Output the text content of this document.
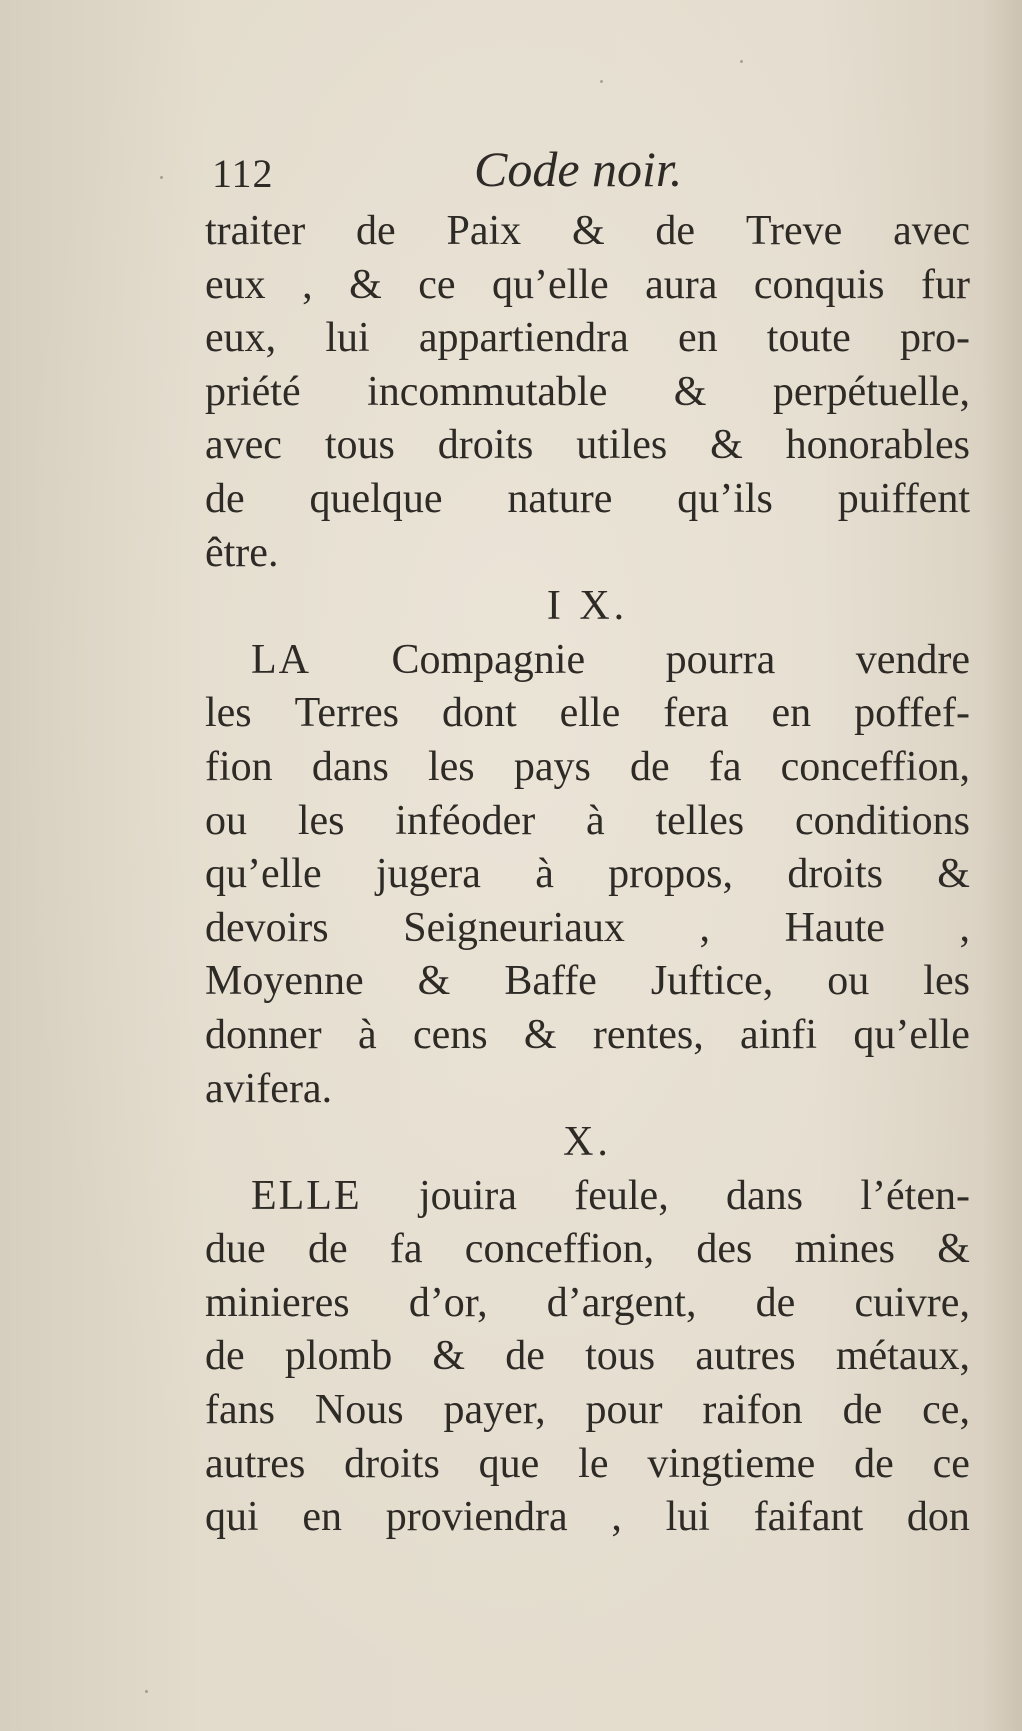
112	Code noir.
traiter de Paix & de Treve avec
eux , & ce qu’elle aura conquis fur
eux, lui appartiendra en toute pro-
priété incommutable & perpétuelle,
avec tous droits utiles & honorables
de quelque nature qu’ils puiffent
être.
I X.
LA Compagnie pourra vendre
les Terres dont elle fera en poffef-
fion dans les pays de fa conceffion,
ou les inféoder à telles conditions
qu’elle jugera à propos, droits &
devoirs Seigneuriaux , Haute ,
Moyenne & Baffe Juftice, ou les
donner à cens & rentes, ainfi qu’elle
avifera.
X.
ELLE jouira feule, dans l’éten-
due de fa conceffion, des mines &
minieres d’or, d’argent, de cuivre,
de plomb & de tous autres métaux,
fans Nous payer, pour raifon de ce,
autres droits que le vingtieme de ce
qui en proviendra , lui faifant don
